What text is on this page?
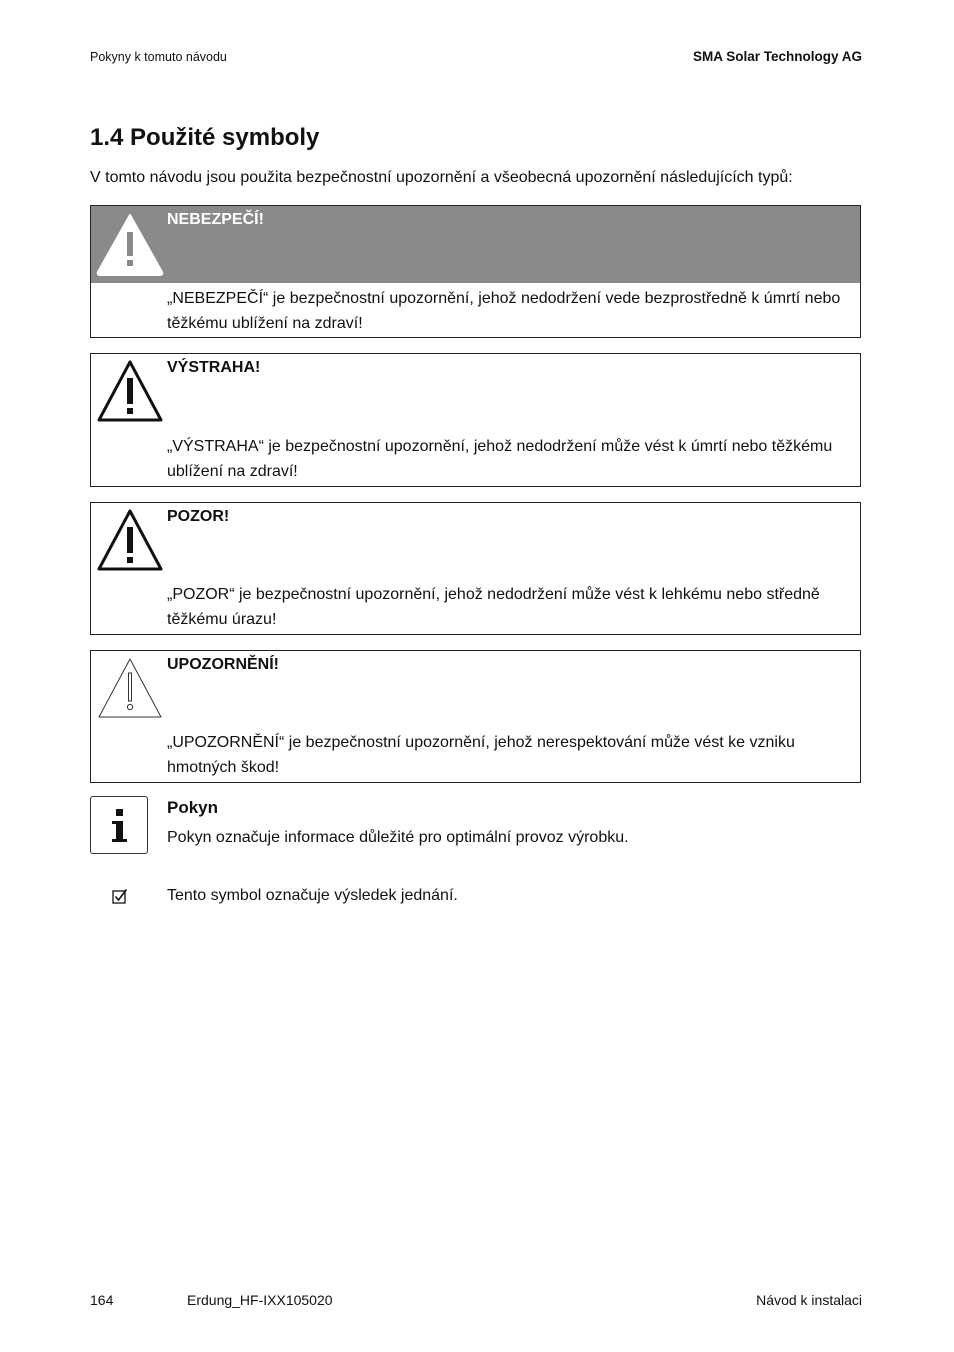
Pokyny k tomuto návodu	SMA Solar Technology AG
1.4 Použité symboly
V tomto návodu jsou použita bezpečnostní upozornění a všeobecná upozornění následujících typů:
NEBEZPEČÍ!
„NEBEZPEČÍ“ je bezpečnostní upozornění, jehož nedodržení vede bezprostředně k úmrtí nebo těžkému ublížení na zdraví!
VÝSTRAHA!
„VÝSTRAHA“ je bezpečnostní upozornění, jehož nedodržení může vést k úmrtí nebo těžkému ublížení na zdraví!
POZOR!
„POZOR“ je bezpečnostní upozornění, jehož nedodržení může vést k lehkému nebo středně těžkému úrazu!
UPOZORNĚNÍ!
„UPOZORNĚNÍ“ je bezpečnostní upozornění, jehož nerespektování může vést ke vzniku hmotných škod!
Pokyn
Pokyn označuje informace důležité pro optimální provoz výrobku.
Tento symbol označuje výsledek jednání.
164	Erdung_HF-IXX105020	Návod k instalaci
